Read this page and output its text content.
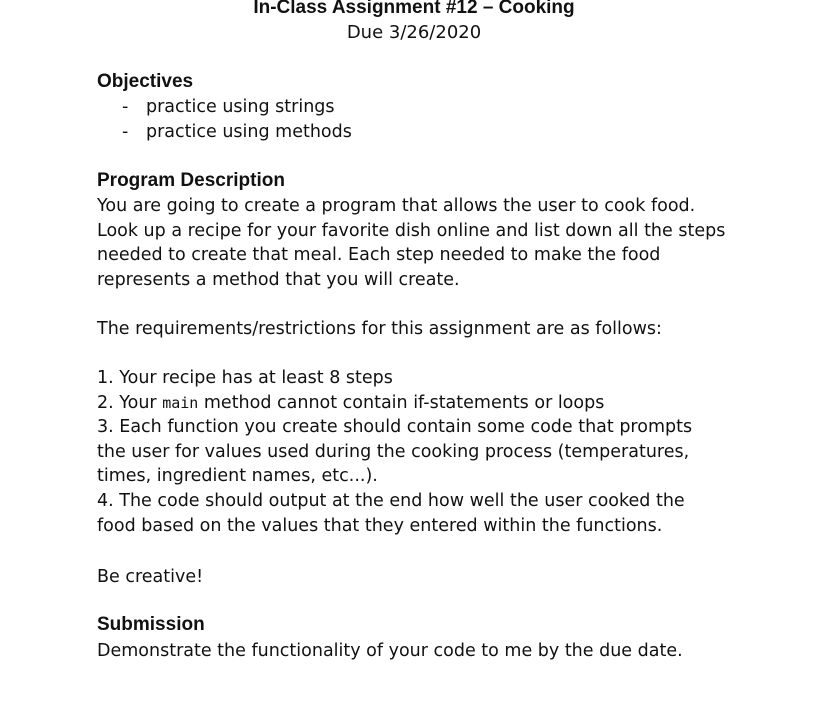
In-Class Assignment #12 – Cooking
Due 3/26/2020
Objectives
- practice using strings
- practice using methods
Program Description

You are going to create a program that allows the user to cook food.
Look up a recipe for your favorite dish online and list down all the steps
needed to create that meal. Each step needed to make the food
represents a method that you will create.

The requirements/restrictions for this assignment are as follows:

1. Your recipe has at least 8 steps
2. Your main method cannot contain if-statements or loops
3. Each function you create should contain some code that prompts
the user for values used during the cooking process (temperatures,
times, ingredient names, etc...).
4. The code should output at the end how well the user cooked the
food based on the values that they entered within the functions.

Be creative!

Submission

Demonstrate the functionality of your code to me by the due date.
